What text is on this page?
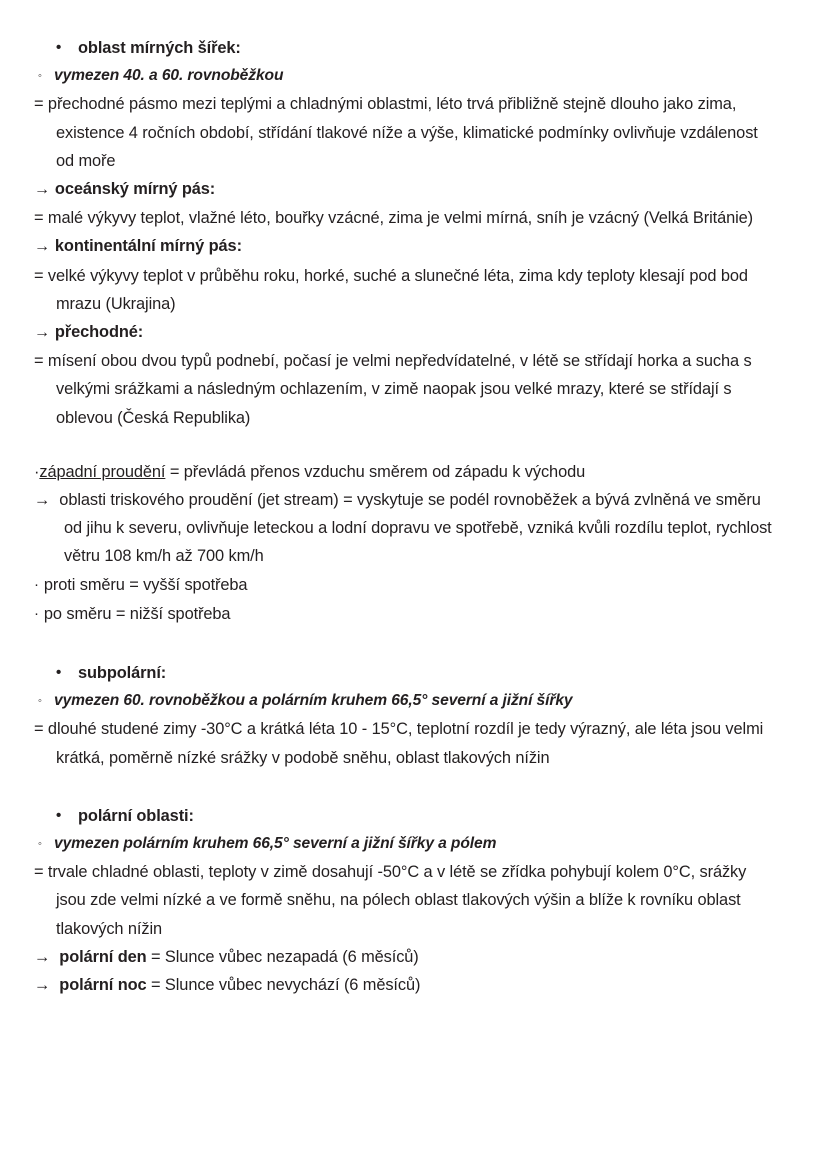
• oblast mírných šířek:
◦ vymezen 40. a 60. rovnoběžkou
= přechodné pásmo mezi teplými a chladnými oblastmi, léto trvá přibližně stejně dlouho jako zima, existence 4 ročních období, střídání tlakové níže a výše, klimatické podmínky ovlivňuje vzdálenost od moře
→ oceánský mírný pás:
= malé výkyvy teplot, vlažné léto, bouřky vzácné, zima je velmi mírná, sníh je vzácný (Velká Británie)
→ kontinentální mírný pás:
= velké výkyvy teplot v průběhu roku, horké, suché a slunečné léta, zima kdy teploty klesají pod bod mrazu (Ukrajina)
→ přechodné:
= mísení obou dvou typů podnebí, počasí je velmi nepředvídatelné, v létě se střídají horka a sucha s velkými srážkami a následným ochlazením, v zimě naopak jsou velké mrazy, které se střídají s oblevou (Česká Republika)
·západní proudění = převládá přenos vzduchu směrem od západu k východu
→ oblasti triskového proudění (jet stream) = vyskytuje se podél rovnoběžek a bývá zvlněná ve směru od jihu k severu, ovlivňuje leteckou a lodní dopravu ve spotřebě, vzniká kvůli rozdílu teplot, rychlost větru 108 km/h až 700 km/h
· proti směru = vyšší spotřeba
· po směru = nižší spotřeba
• subpolární:
◦ vymezen 60. rovnoběžkou a polárním kruhem 66,5° severní a jižní šířky
= dlouhé studené zimy -30°C a krátká léta 10 - 15°C, teplotní rozdíl je tedy výrazný, ale léta jsou velmi krátká, poměrně nízké srážky v podobě sněhu, oblast tlakových nížin
• polární oblasti:
◦ vymezen polárním kruhem 66,5° severní a jižní šířky a pólem
= trvale chladné oblasti, teploty v zimě dosahují -50°C a v létě se zřídka pohybují kolem 0°C, srážky jsou zde velmi nízké a ve formě sněhu, na pólech oblast tlakových výšin a blíže k rovníku oblast tlakových nížin
→ polární den = Slunce vůbec nezapadá (6 měsíců)
→ polární noc = Slunce vůbec nevychází (6 měsíců)
